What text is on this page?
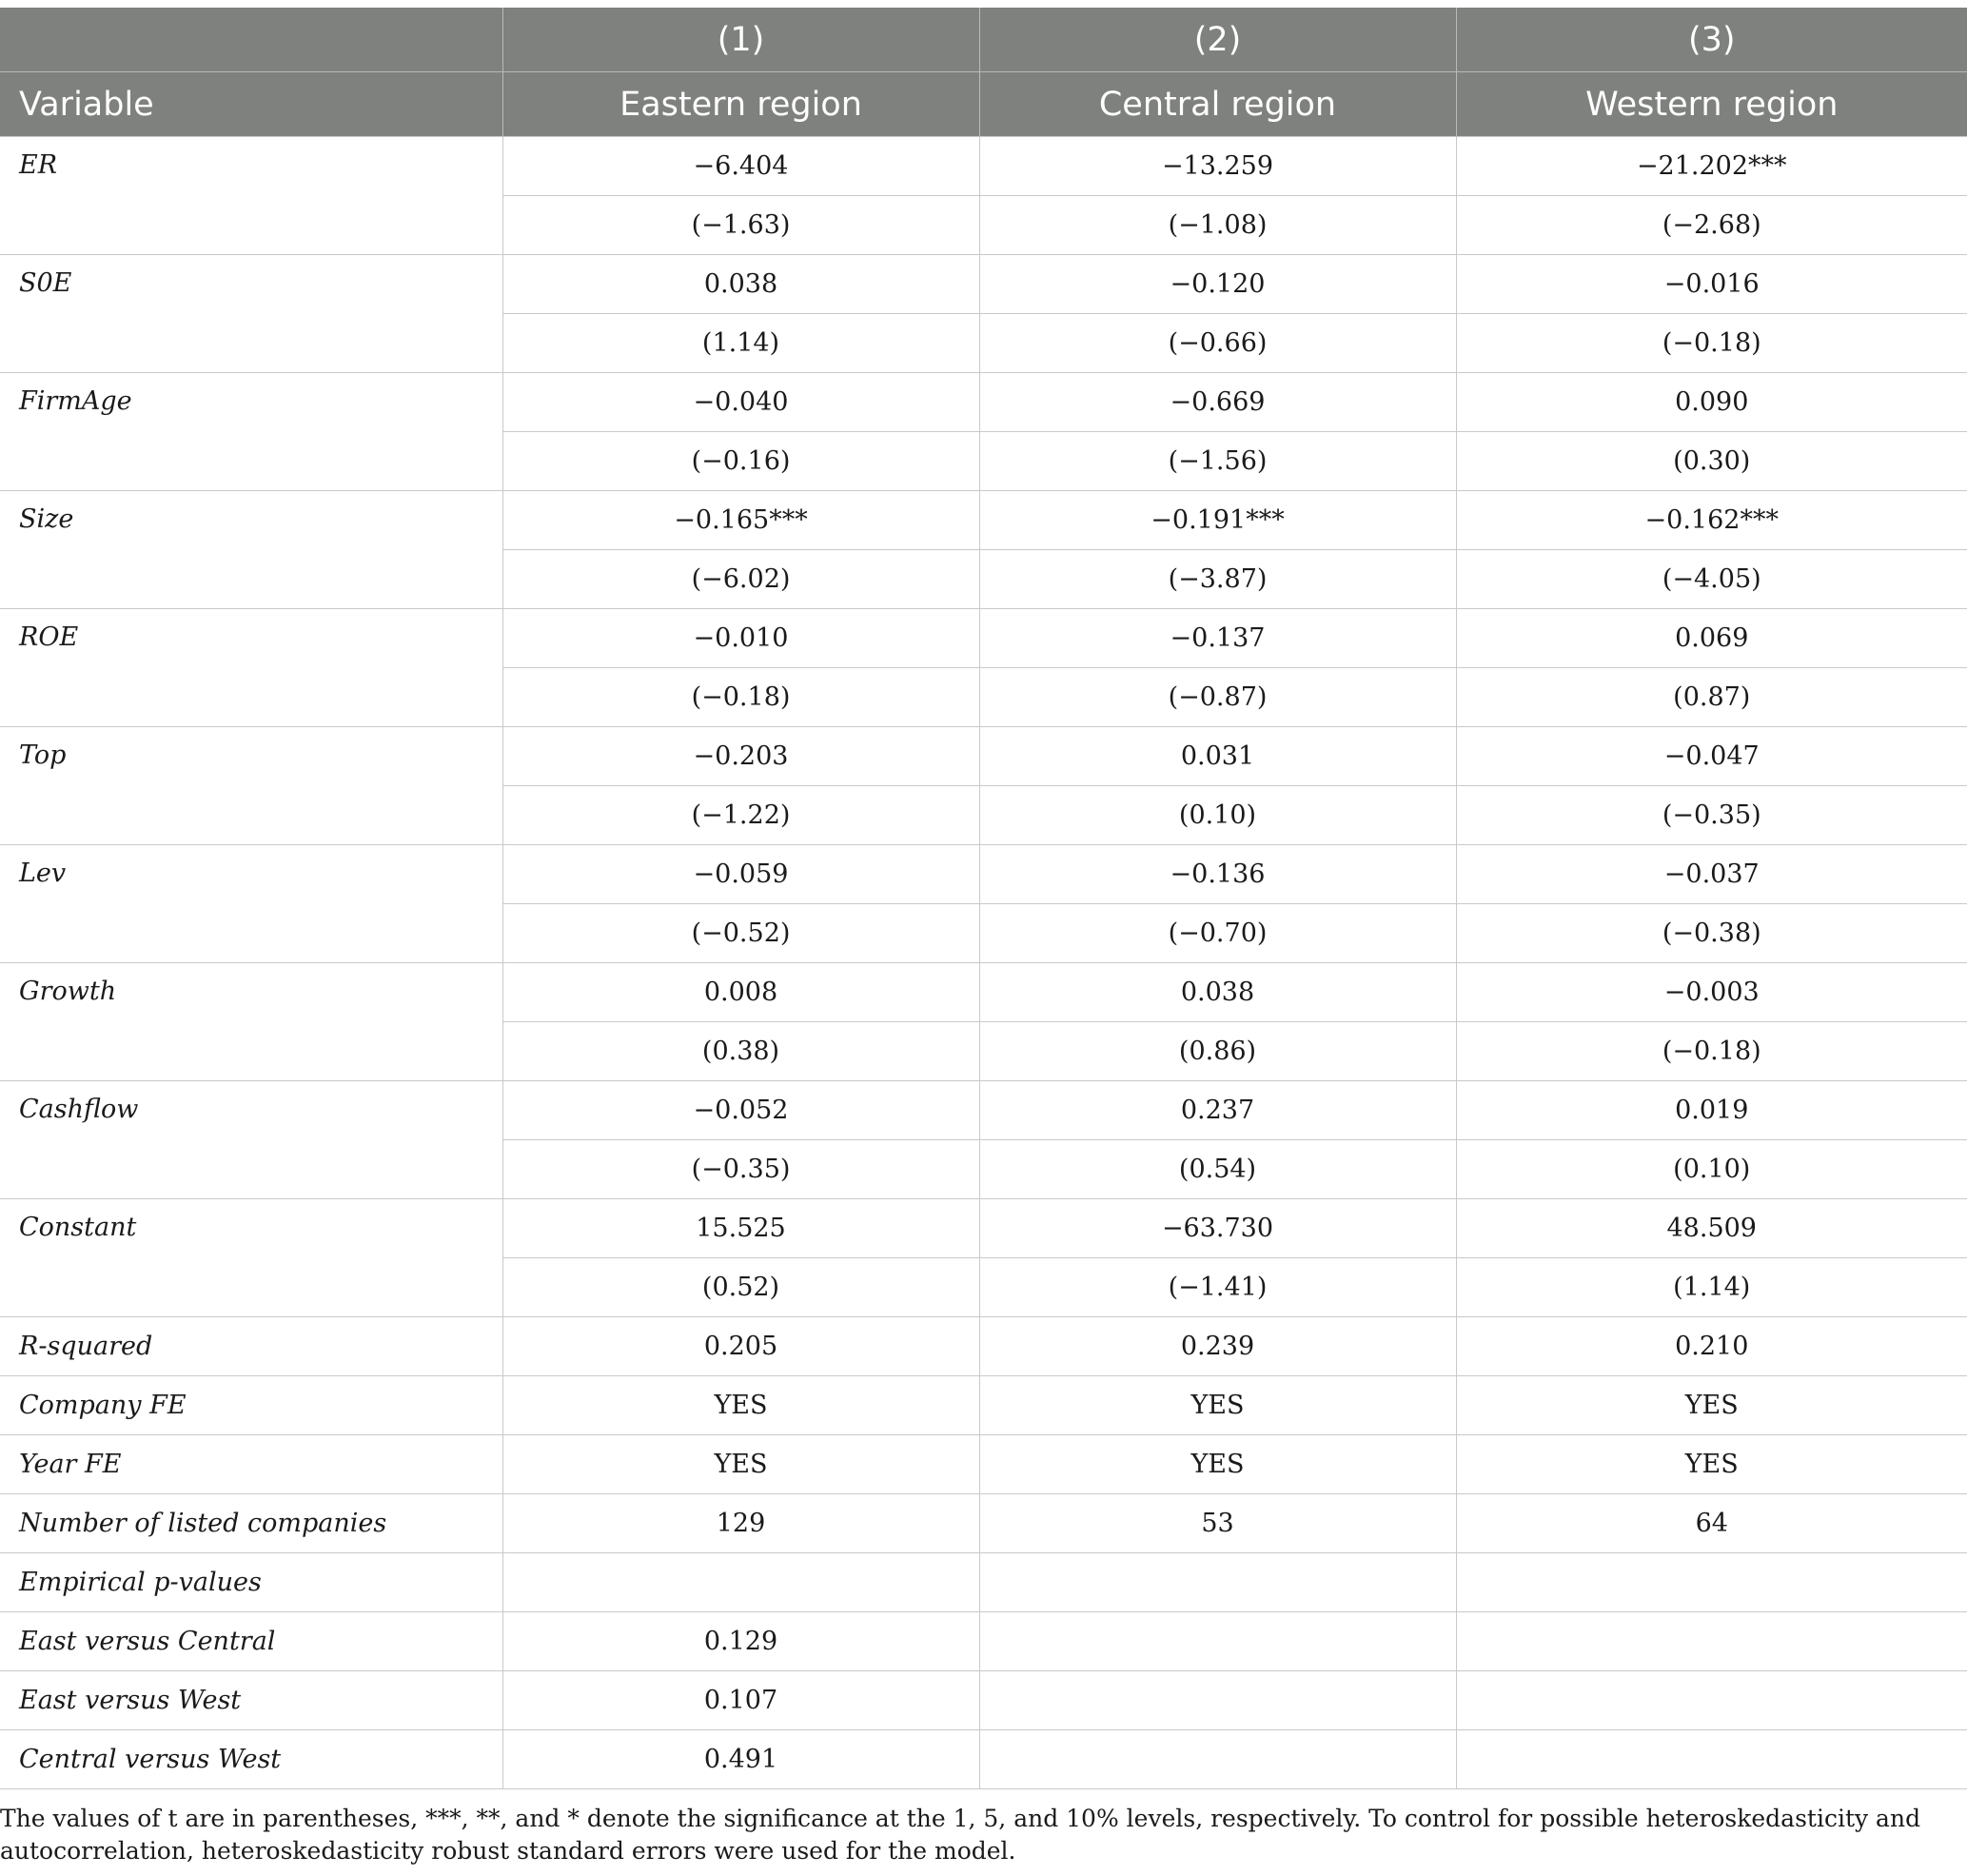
	(1)	(2)	(3)
Variable	Eastern region	Central region	Western region
ER	−6.404	−13.259	−21.202***
	(−1.63)	(−1.08)	(−2.68)
S0E	0.038	−0.120	−0.016
	(1.14)	(−0.66)	(−0.18)
FirmAge	−0.040	−0.669	0.090
	(−0.16)	(−1.56)	(0.30)
Size	−0.165***	−0.191***	−0.162***
	(−6.02)	(−3.87)	(−4.05)
ROE	−0.010	−0.137	0.069
	(−0.18)	(−0.87)	(0.87)
Top	−0.203	0.031	−0.047
	(−1.22)	(0.10)	(−0.35)
Lev	−0.059	−0.136	−0.037
	(−0.52)	(−0.70)	(−0.38)
Growth	0.008	0.038	−0.003
	(0.38)	(0.86)	(−0.18)
Cashflow	−0.052	0.237	0.019
	(−0.35)	(0.54)	(0.10)
Constant	15.525	−63.730	48.509
	(0.52)	(−1.41)	(1.14)
R-squared	0.205	0.239	0.210
Company FE	YES	YES	YES
Year FE	YES	YES	YES
Number of listed companies	129	53	64
Empirical p-values			
East versus Central	0.129		
East versus West	0.107		
Central versus West	0.491		

The values of t are in parentheses, ***, **, and * denote the significance at the 1, 5, and 10% levels, respectively. To control for possible heteroskedasticity and autocorrelation, heteroskedasticity robust standard errors were used for the model.
